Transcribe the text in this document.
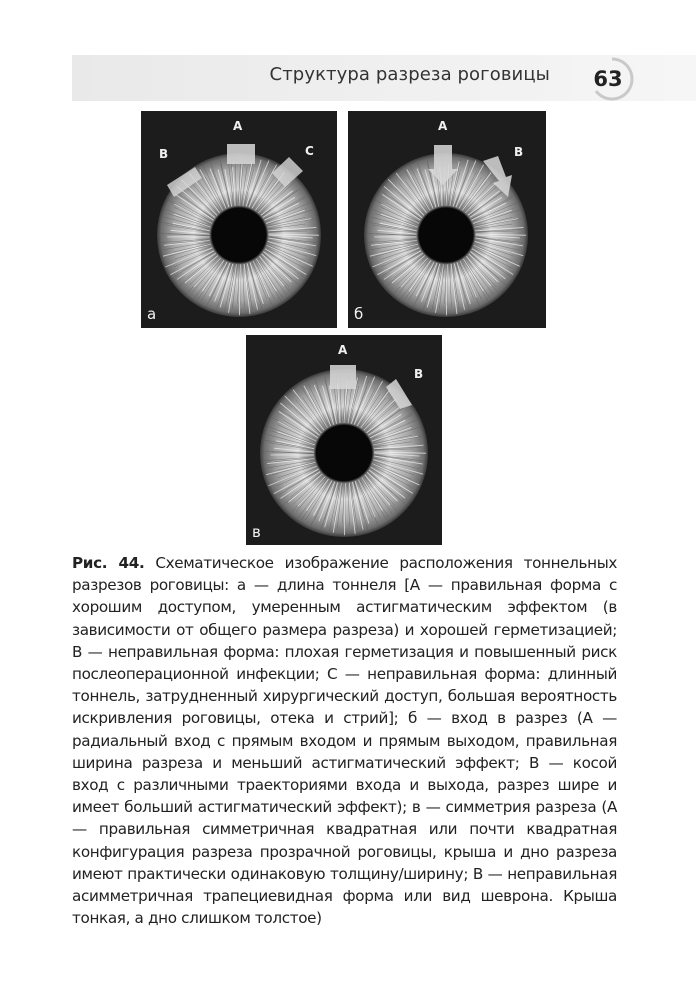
Структура разреза роговицы	63
A
B	C
а
A
B
б
A
B
в
Рис. 44. Схематическое изображение расположения тоннельных разрезов роговицы: а — длина тоннеля [А — правильная форма с хорошим доступом, умеренным астигматическим эффектом (в зависимости от общего размера разреза) и хорошей герметизацией; В — неправильная форма: плохая герметизация и повышенный риск послеоперационной инфекции; С — неправильная форма: длинный тоннель, затрудненный хирургический доступ, большая вероятность искривления роговицы, отека и стрий]; б — вход в разрез (А — радиальный вход с прямым входом и прямым выходом, правильная ширина разреза и меньший астигматический эффект; В — косой вход с различными траекториями входа и выхода, разрез шире и имеет больший астигматический эффект); в — симметрия разреза (А — правильная симметричная квадратная или почти квадратная конфигурация разреза прозрачной роговицы, крыша и дно разреза имеют практически одинаковую толщину/ширину; В — неправильная асимметричная трапециевидная форма или вид шеврона. Крыша тонкая, а дно слишком толстое)
